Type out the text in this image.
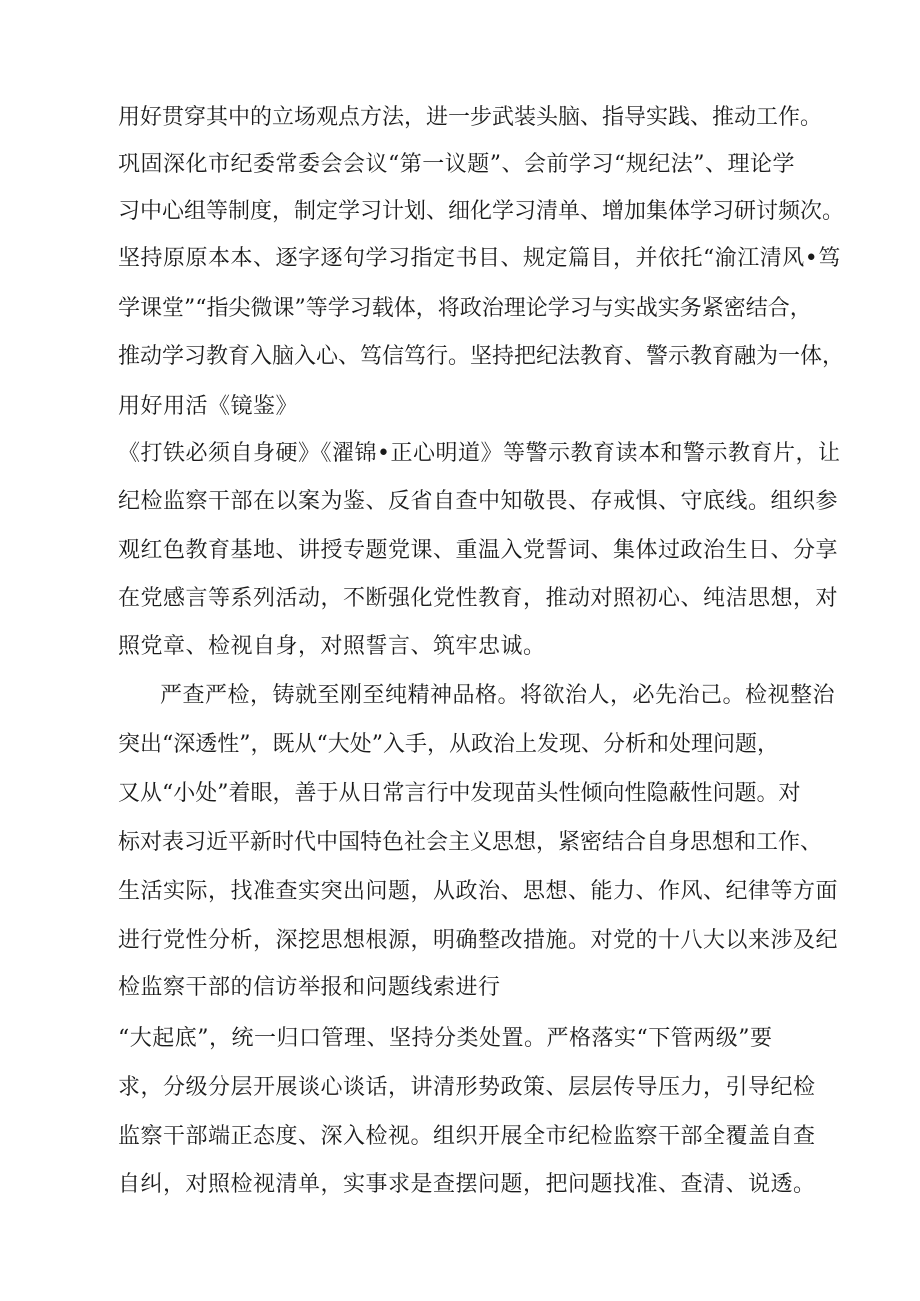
用好贯穿其中的立场观点方法，进一步武装头脑、指导实践、推动工作。
巩固深化市纪委常委会会议“第一议题”、会前学习“规纪法”、理论学
习中心组等制度，制定学习计划、细化学习清单、增加集体学习研讨频次。
坚持原原本本、逐字逐句学习指定书目、规定篇目，并依托“渝江清风•笃
学课堂”“指尖微课”等学习载体，将政治理论学习与实战实务紧密结合，
推动学习教育入脑入心、笃信笃行。坚持把纪法教育、警示教育融为一体，
用好用活《镜鉴》
《打铁必须自身硬》《濯锦•正心明道》等警示教育读本和警示教育片，让
纪检监察干部在以案为鉴、反省自查中知敬畏、存戒惧、守底线。组织参
观红色教育基地、讲授专题党课、重温入党誓词、集体过政治生日、分享
在党感言等系列活动，不断强化党性教育，推动对照初心、纯洁思想，对
照党章、检视自身，对照誓言、筑牢忠诚。
严查严检，铸就至刚至纯精神品格。将欲治人，必先治己。检视整治
突出“深透性”，既从“大处”入手，从政治上发现、分析和处理问题，
又从“小处”着眼，善于从日常言行中发现苗头性倾向性隐蔽性问题。对
标对表习近平新时代中国特色社会主义思想，紧密结合自身思想和工作、
生活实际，找准查实突出问题，从政治、思想、能力、作风、纪律等方面
进行党性分析，深挖思想根源，明确整改措施。对党的十八大以来涉及纪
检监察干部的信访举报和问题线索进行
“大起底”，统一归口管理、坚持分类处置。严格落实“下管两级”要
求，分级分层开展谈心谈话，讲清形势政策、层层传导压力，引导纪检
监察干部端正态度、深入检视。组织开展全市纪检监察干部全覆盖自查
自纠，对照检视清单，实事求是查摆问题，把问题找准、查清、说透。
